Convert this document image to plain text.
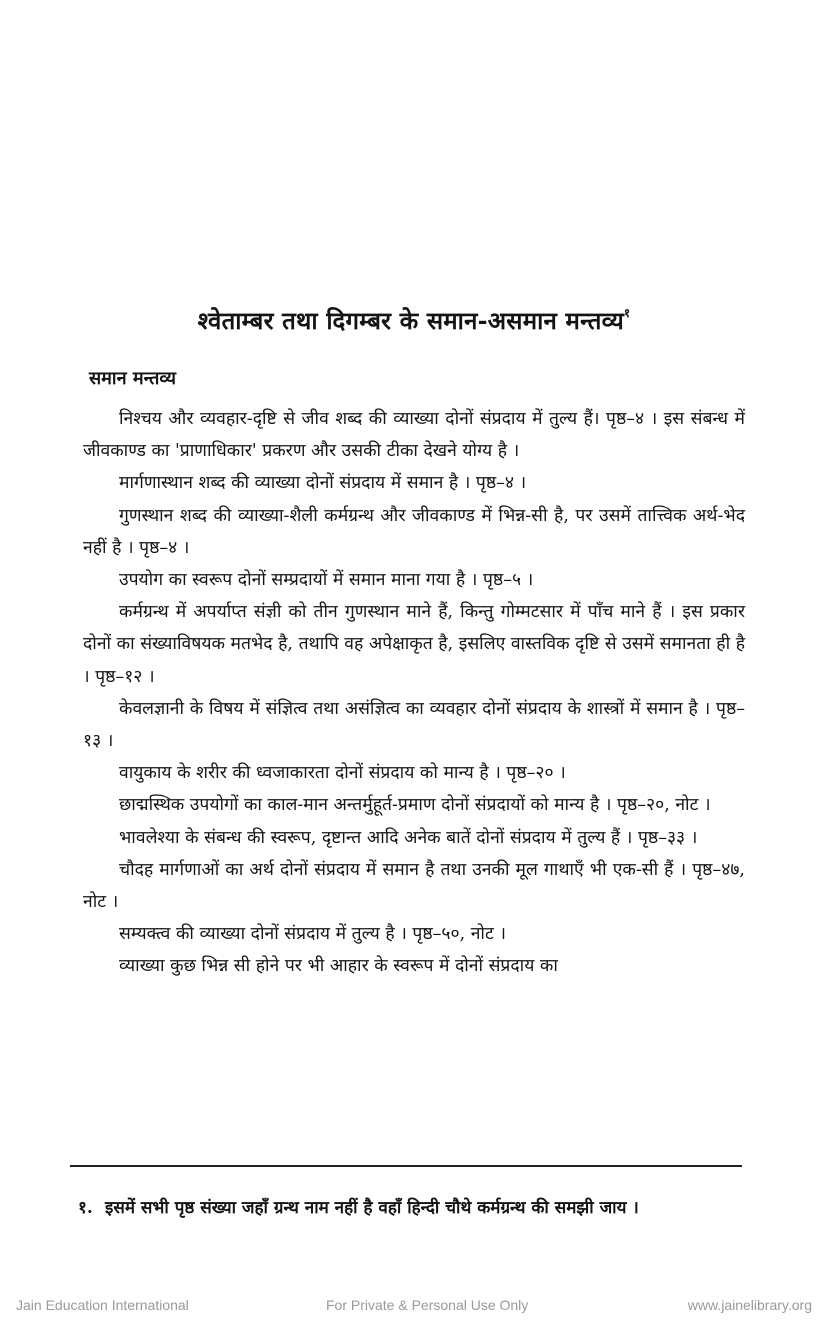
श्वेताम्बर तथा दिगम्बर के समान-असमान मन्तव्य$^१$
समान मन्तव्य

निश्चय और व्यवहार-दृष्टि से जीव शब्द की व्याख्या दोनों संप्रदाय में तुल्य हैं। पृष्ठ–४ । इस संबन्ध में जीवकाण्ड का 'प्राणाधिकार' प्रकरण और उसकी टीका देखने योग्य है ।

मार्गणास्थान शब्द की व्याख्या दोनों संप्रदाय में समान है । पृष्ठ–४ ।

गुणस्थान शब्द की व्याख्या-शैली कर्मग्रन्थ और जीवकाण्ड में भिन्न-सी है, पर उसमें तात्त्विक अर्थ-भेद नहीं है । पृष्ठ–४ ।

उपयोग का स्वरूप दोनों सम्प्रदायों में समान माना गया है । पृष्ठ–५ ।

कर्मग्रन्थ में अपर्याप्त संज्ञी को तीन गुणस्थान माने हैं, किन्तु गोम्मटसार में पाँच माने हैं । इस प्रकार दोनों का संख्याविषयक मतभेद है, तथापि वह अपेक्षाकृत है, इसलिए वास्तविक दृष्टि से उसमें समानता ही है । पृष्ठ–१२ ।

केवलज्ञानी के विषय में संज्ञित्व तथा असंज्ञित्व का व्यवहार दोनों संप्रदाय के शास्त्रों में समान है । पृष्ठ–१३ ।

वायुकाय के शरीर की ध्वजाकारता दोनों संप्रदाय को मान्य है । पृष्ठ–२० ।

छाद्मस्थिक उपयोगों का काल-मान अन्तर्मुहूर्त-प्रमाण दोनों संप्रदायों को मान्य है । पृष्ठ–२०, नोट ।

भावलेश्या के संबन्ध की स्वरूप, दृष्टान्त आदि अनेक बातें दोनों संप्रदाय में तुल्य हैं । पृष्ठ–३३ ।

चौदह मार्गणाओं का अर्थ दोनों संप्रदाय में समान है तथा उनकी मूल गाथाएँ भी एक-सी हैं । पृष्ठ–४७, नोट ।

सम्यक्त्व की व्याख्या दोनों संप्रदाय में तुल्य है । पृष्ठ–५०, नोट ।

व्याख्या कुछ भिन्न सी होने पर भी आहार के स्वरूप में दोनों संप्रदाय का

१. इसमें सभी पृष्ठ संख्या जहाँ ग्रन्थ नाम नहीं है वहाँ हिन्दी चौथे कर्मग्रन्थ की समझी जाय ।
Jain Education International	For Private & Personal Use Only	www.jainelibrary.org
